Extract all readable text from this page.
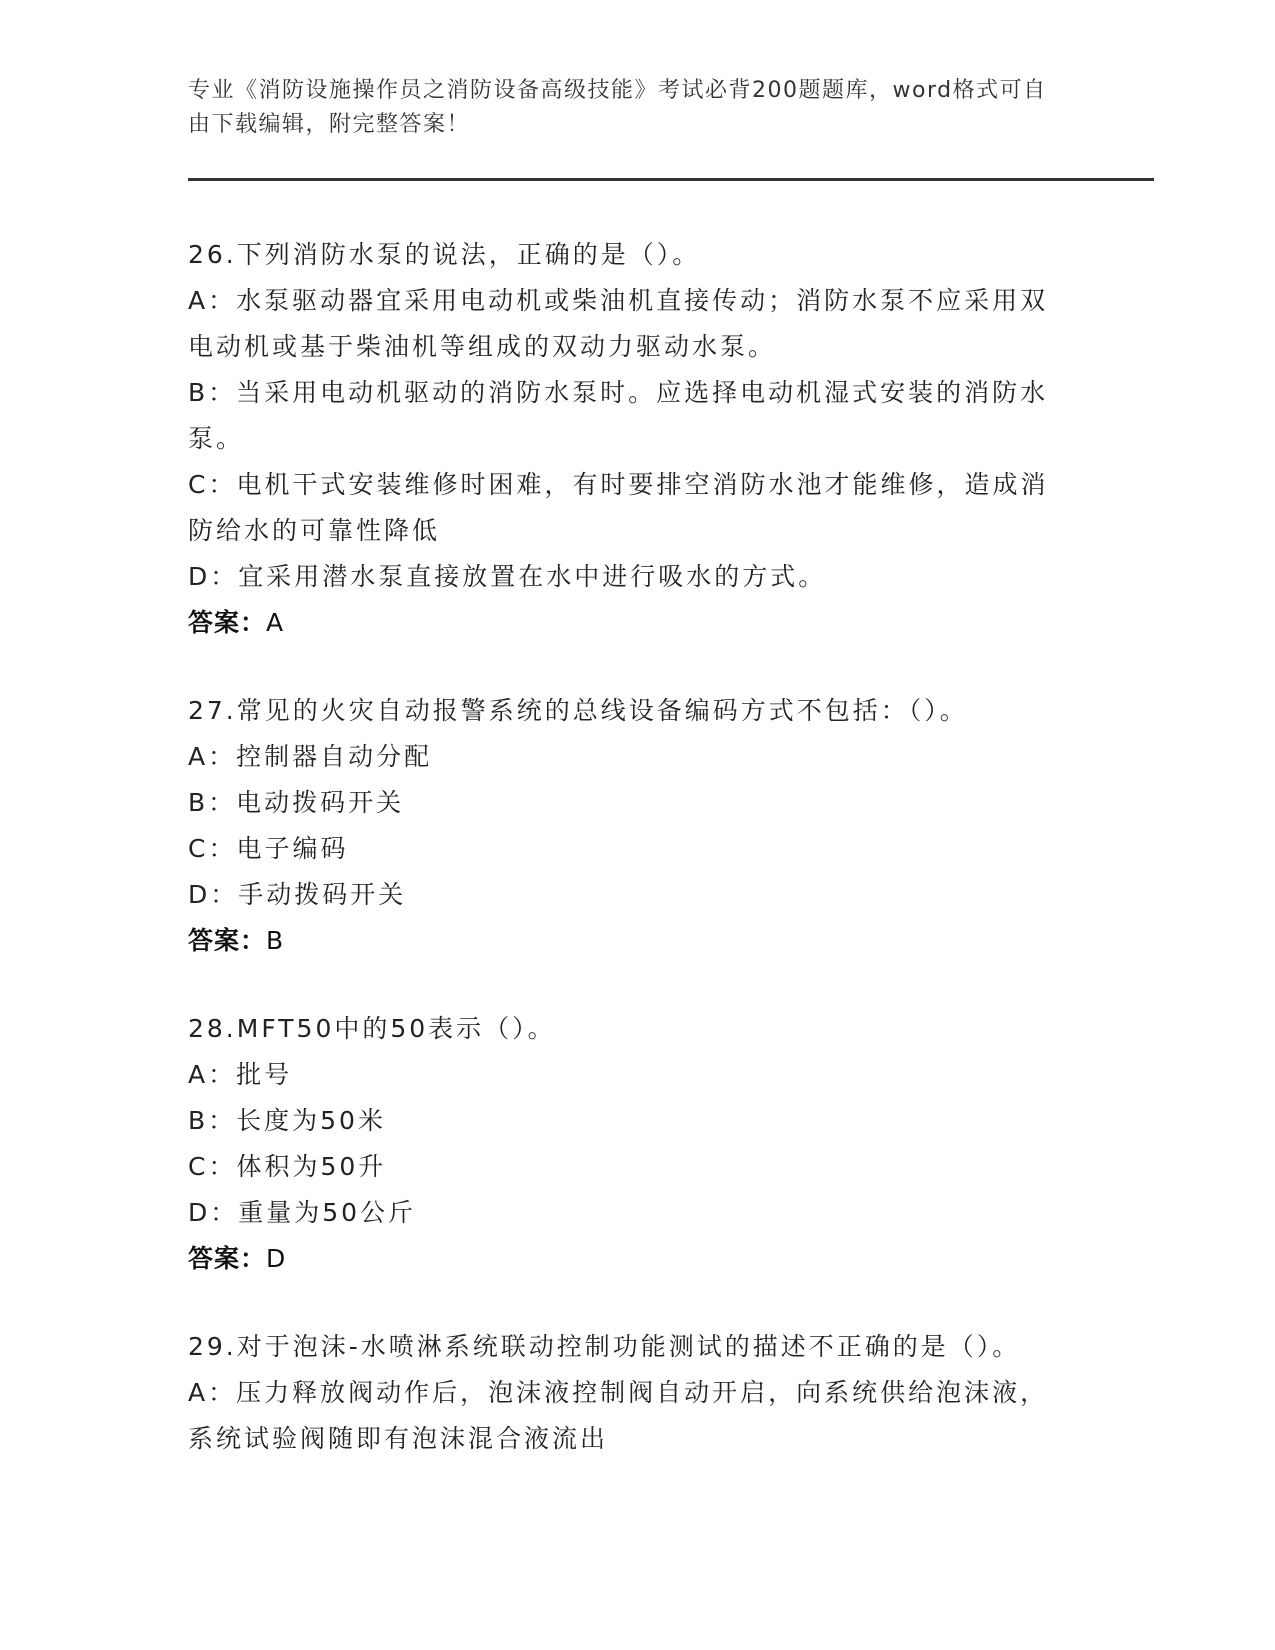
专业《消防设施操作员之消防设备高级技能》考试必背200题题库，word格式可自由下载编辑，附完整答案！

26.下列消防水泵的说法，正确的是（）。

A：水泵驱动器宜采用电动机或柴油机直接传动；消防水泵不应采用双电动机或基于柴油机等组成的双动力驱动水泵。

B：当采用电动机驱动的消防水泵时。应选择电动机湿式安装的消防水泵。

C：电机干式安装维修时困难，有时要排空消防水池才能维修，造成消防给水的可靠性降低

D：宜采用潜水泵直接放置在水中进行吸水的方式。

答案：A

27.常见的火灾自动报警系统的总线设备编码方式不包括：（）。

A：控制器自动分配

B：电动拨码开关

C：电子编码

D：手动拨码开关

答案：B

28.MFT50中的50表示（）。

A：批号

B：长度为50米

C：体积为50升

D：重量为50公斤

答案：D

29.对于泡沫-水喷淋系统联动控制功能测试的描述不正确的是（）。

A：压力释放阀动作后，泡沫液控制阀自动开启，向系统供给泡沫液，系统试验阀随即有泡沫混合液流出
